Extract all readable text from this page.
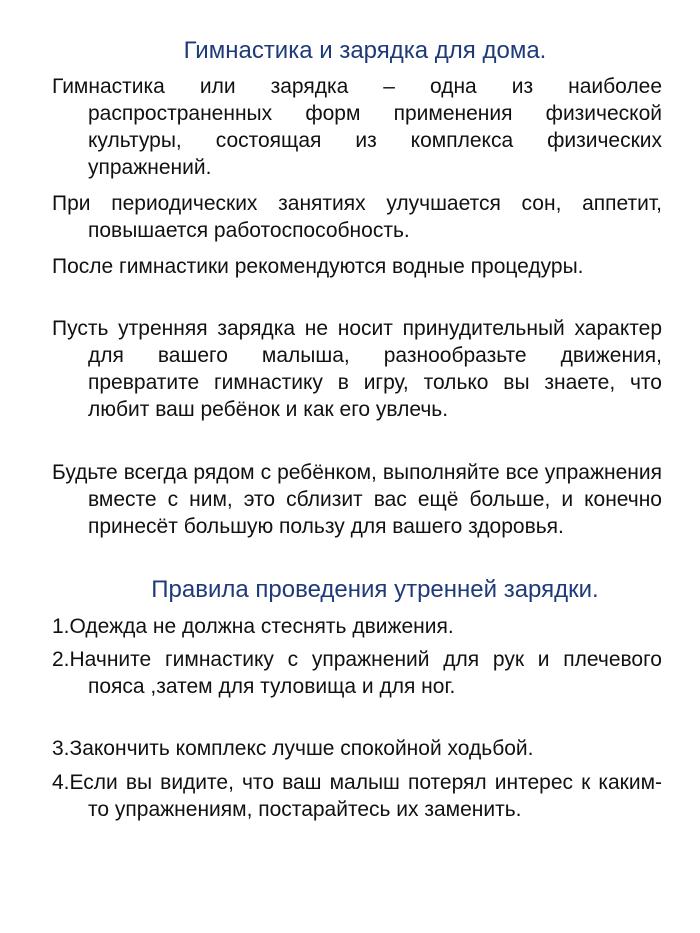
Гимнастика и зарядка для дома.

Гимнастика или зарядка – одна из наиболее распространенных форм применения физической культуры, состоящая из комплекса физических упражнений.

При периодических занятиях улучшается сон, аппетит, повышается работоспособность.

После гимнастики рекомендуются водные процедуры.

Пусть утренняя зарядка не носит принудительный характер для вашего малыша, разнообразьте движения, превратите гимнастику в игру, только вы знаете, что любит ваш ребёнок и как его увлечь.

Будьте всегда рядом с ребёнком, выполняйте все упражнения вместе с ним, это сблизит вас ещё больше, и конечно принесёт большую пользу для вашего здоровья.

Правила проведения утренней зарядки.

1.Одежда не должна стеснять движения.

2.Начните гимнастику с упражнений для рук и плечевого пояса ,затем для туловища и для ног.

3.Закончить комплекс лучше спокойной ходьбой.

4.Если вы видите, что ваш малыш потерял интерес к каким-то упражнениям, постарайтесь их заменить.
